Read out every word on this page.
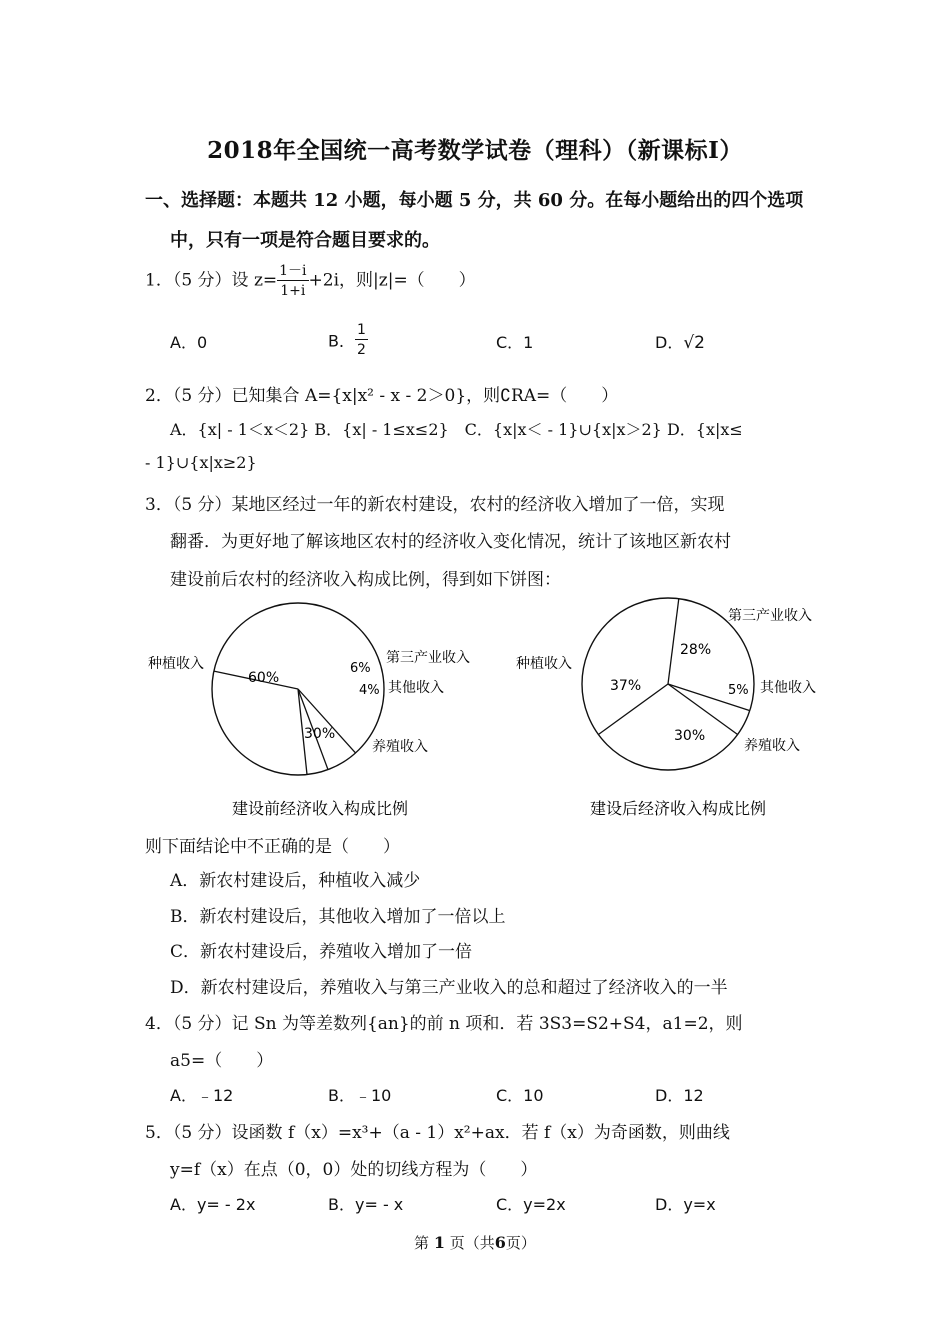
2018年全国统一高考数学试卷（理科）（新课标Ⅰ）
一、选择题：本题共 12 小题，每小题 5 分，共 60 分。在每小题给出的四个选项
中，只有一项是符合题目要求的。
1．（5 分）设 $z= \frac{1-i}{1+i} +2i$，则|z|=（　　）
A．0	B． $\frac{1}{2}$	C．1	D．√2
2．（5 分）已知集合 A={x|x² - x - 2＞0}，则∁RA=（　　）
A．{x| - 1＜x＜2} B．{x| - 1≤x≤2}　C．{x|x＜ - 1}∪{x|x＞2} D．{x|x≤
- 1}∪{x|x≥2}
3．（5 分）某地区经过一年的新农村建设，农村的经济收入增加了一倍，实现
翻番．为更好地了解该地区农村的经济收入变化情况，统计了该地区新农村
建设前后农村的经济收入构成比例，得到如下饼图：
种植收入	第三产业收入
其他收入
养殖收入
60%
6%
4%
30%
建设前经济收入构成比例
种植收入
第三产业收入
其他收入
养殖收入
37%
28%
5%
30%
建设后经济收入构成比例
则下面结论中不正确的是（　　）
A．新农村建设后，种植收入减少
B．新农村建设后，其他收入增加了一倍以上
C．新农村建设后，养殖收入增加了一倍
D．新农村建设后，养殖收入与第三产业收入的总和超过了经济收入的一半
4．（5 分）记 Sn 为等差数列{an}的前 n 项和．若 3S3=S2+S4，a1=2，则
a5=（　　）
A．﹣12	B．﹣10	C．10	D．12
5．（5 分）设函数 f（x）=x³+（a - 1）x²+ax．若 f（x）为奇函数，则曲线
y=f（x）在点（0，0）处的切线方程为（　　）
A．y= - 2x	B．y= - x	C．y=2x	D．y=x
第 1 页（共6页）
